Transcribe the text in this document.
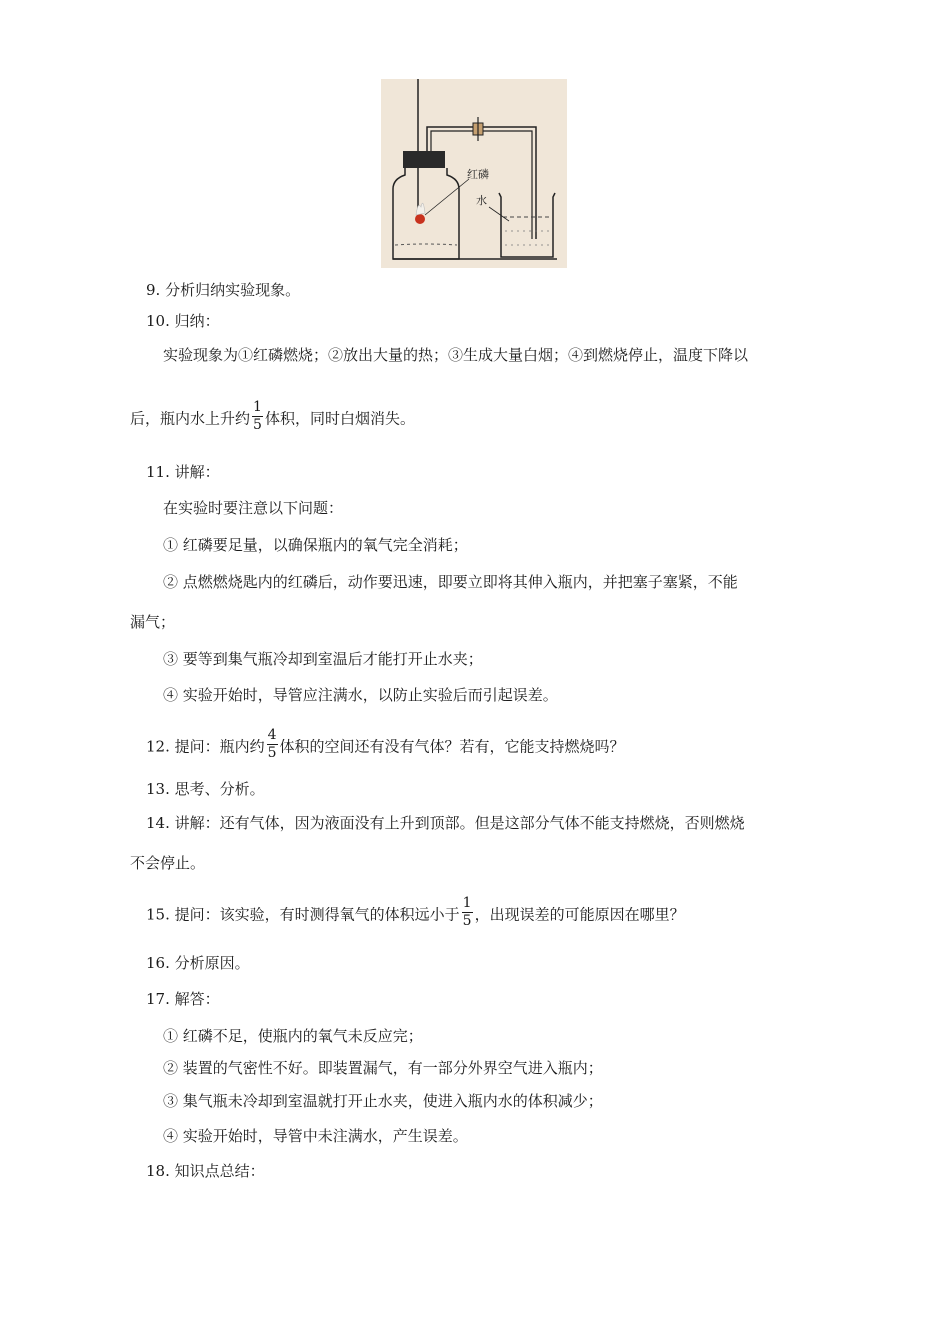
红磷
水
9. 分析归纳实验现象。
10. 归纳：
实验现象为①红磷燃烧；②放出大量的热；③生成大量白烟；④到燃烧停止，温度下降以
后，瓶内水上升约 $\frac{1}{5}$ 体积，同时白烟消失。
11. 讲解：
在实验时要注意以下问题：
① 红磷要足量，以确保瓶内的氧气完全消耗；
② 点燃燃烧匙内的红磷后，动作要迅速，即要立即将其伸入瓶内，并把塞子塞紧，不能
漏气；
③ 要等到集气瓶冷却到室温后才能打开止水夹；
④ 实验开始时，导管应注满水，以防止实验后而引起误差。
12. 提问：瓶内约 $\frac{4}{5}$ 体积的空间还有没有气体？若有，它能支持燃烧吗？
13. 思考、分析。
14. 讲解：还有气体，因为液面没有上升到顶部。但是这部分气体不能支持燃烧，否则燃烧
不会停止。
15. 提问：该实验，有时测得氧气的体积远小于 $\frac{1}{5}$ ，出现误差的可能原因在哪里？
16. 分析原因。
17. 解答：
① 红磷不足，使瓶内的氧气未反应完；
② 装置的气密性不好。即装置漏气，有一部分外界空气进入瓶内；
③ 集气瓶未冷却到室温就打开止水夹，使进入瓶内水的体积减少；
④ 实验开始时，导管中未注满水，产生误差。
18. 知识点总结：
